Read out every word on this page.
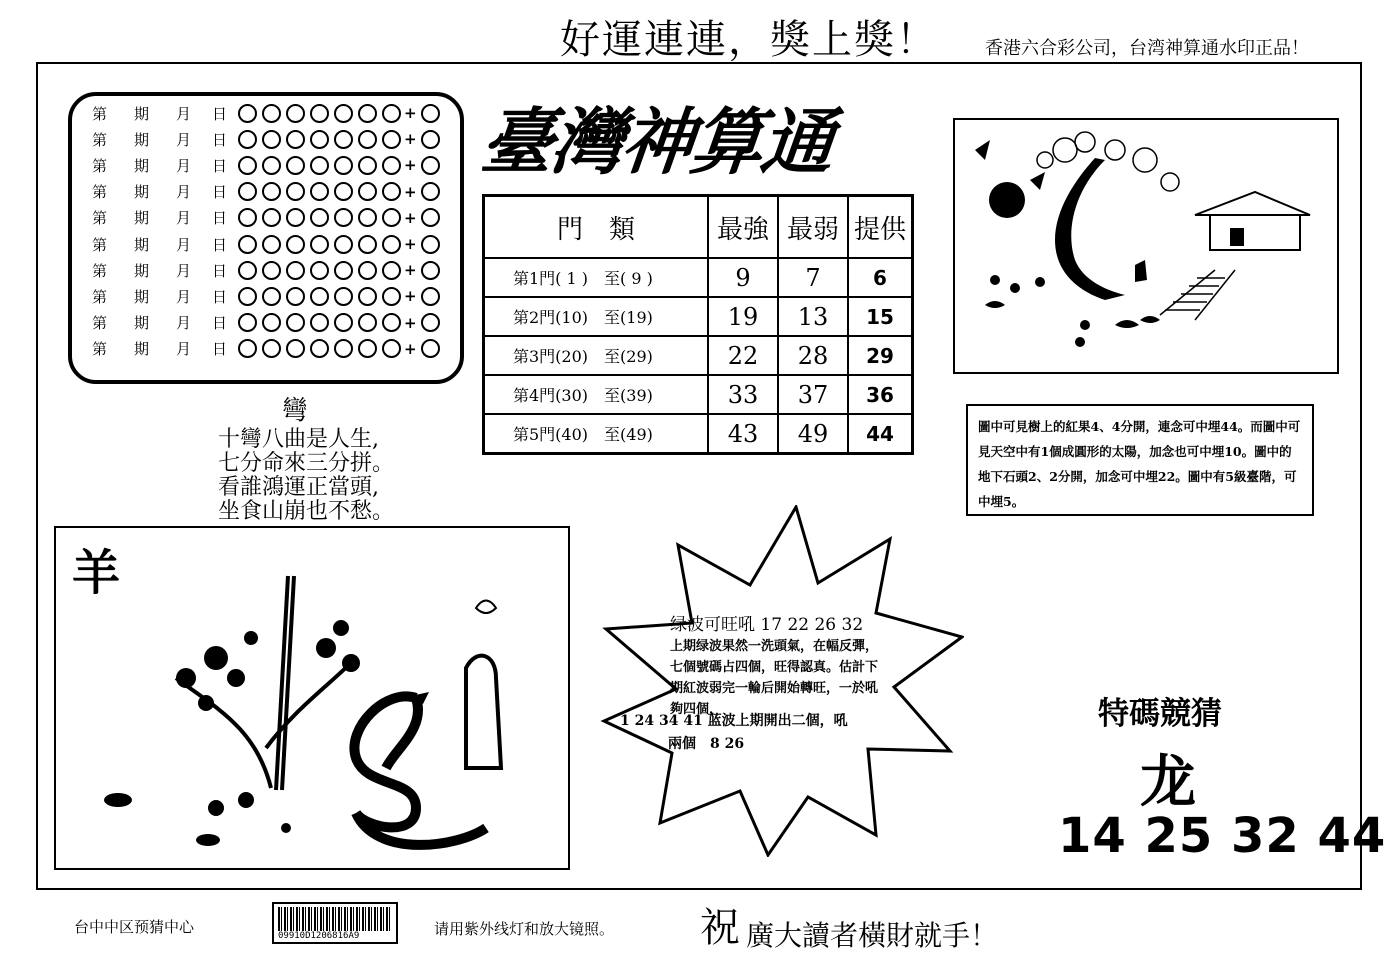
好運連連，獎上獎！	香港六合彩公司，台湾神算通水印正品！
第	期	月	日	+
第	期	月	日	+
第	期	月	日	+
第	期	月	日	+
第	期	月	日	+
第	期	月	日	+
第	期	月	日	+
第	期	月	日	+
第	期	月	日	+
第	期	月	日	+
臺灣神算通
門　類	最強	最弱	提供
第1門( 1 )　至( 9 )	9	7	6
第2門(10)　至(19)	19	13	15
第3門(20)　至(29)	22	28	29
第4門(30)　至(39)	33	37	36
第5門(40)　至(49)	43	49	44
彎
十彎八曲是人生,
七分命來三分拼。
看誰鴻運正當頭,
坐食山崩也不愁。
圖中可見樹上的紅果4、4分開，連念可中埋44。而圖中可見天空中有1個成圓形的太陽，加念也可中埋10。圖中的地下石頭2、2分開，加念可中埋22。圖中有5級臺階，可中埋5。
羊
绿波可旺吼 17 22 26 32
上期绿波果然一洗頭氣，在幅反彈，七個號碼占四個，旺得認真。估計下期紅波弱完一輪后開始轉旺，一於吼夠四個，
1 24 34 41 蓝波上期開出二個，吼
兩個　8 26
特碼競猜
龙
14 25 32 44
台中中区预猜中心	09910D1206816A9	请用紫外线灯和放大镜照。 祝 廣大讀者橫財就手！
